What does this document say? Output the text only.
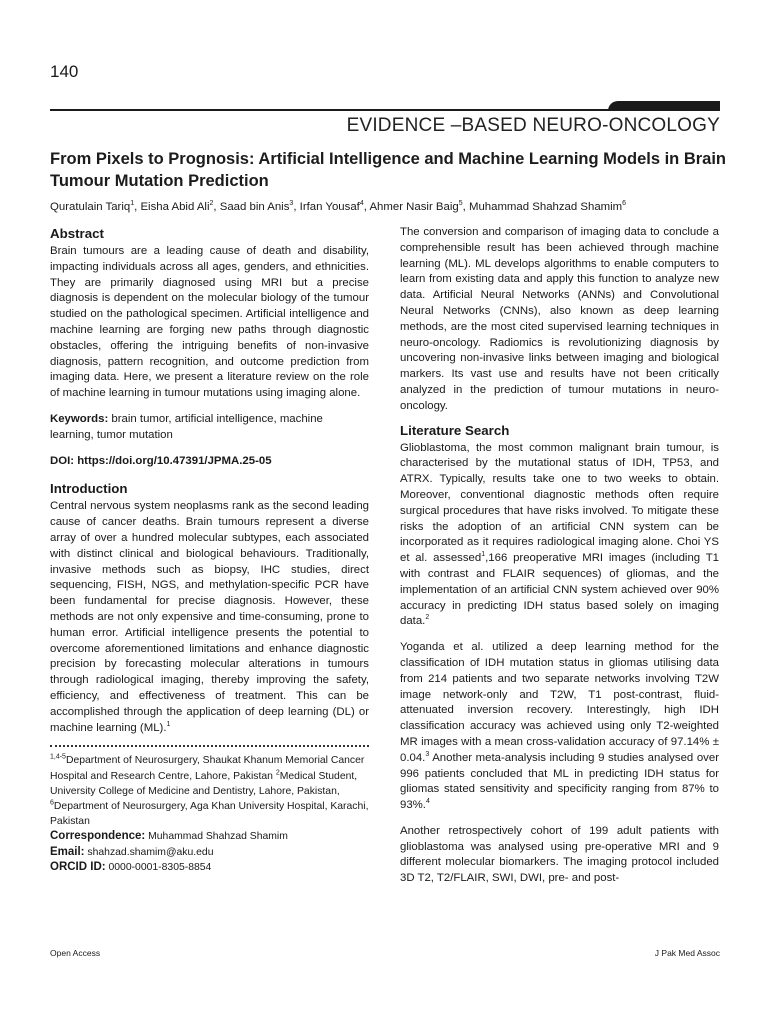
140
EVIDENCE –BASED NEURO-ONCOLOGY
From Pixels to Prognosis: Artificial Intelligence and Machine Learning Models in Brain Tumour Mutation Prediction
Quratulain Tariq$^1$, Eisha Abid Ali$^2$, Saad bin Anis$^3$, Irfan Yousaf$^4$, Ahmer Nasir Baig$^5$, Muhammad Shahzad Shamim$^6$
Abstract

Brain tumours are a leading cause of death and disability, impacting individuals across all ages, genders, and ethnicities. They are primarily diagnosed using MRI but a precise diagnosis is dependent on the molecular biology of the tumour studied on the pathological specimen. Artificial intelligence and machine learning are forging new paths through diagnostic obstacles, offering the intriguing benefits of non-invasive diagnosis, pattern recognition, and outcome prediction from imaging data. Here, we present a literature review on the role of machine learning in tumour mutations using imaging alone.

Keywords: brain tumor, artificial intelligence, machine learning, tumor mutation

DOI: https://doi.org/10.47391/JPMA.25-05

Introduction

Central nervous system neoplasms rank as the second leading cause of cancer deaths. Brain tumours represent a diverse array of over a hundred molecular subtypes, each associated with distinct clinical and biological behaviours. Traditionally, invasive methods such as biopsy, IHC studies, direct sequencing, FISH, NGS, and methylation-specific PCR have been fundamental for precise diagnosis. However, these methods are not only expensive and time-consuming, prone to human error. Artificial intelligence presents the potential to overcome aforementioned limitations and enhance diagnostic precision by forecasting molecular alterations in tumours through radiological imaging, thereby improving the safety, efficiency, and effectiveness of treatment. This can be accomplished through the application of deep learning (DL) or machine learning (ML).$^1$

$^{1,4-5}$Department of Neurosurgery, Shaukat Khanum Memorial Cancer Hospital and Research Centre, Lahore, Pakistan $^2$Medical Student, University College of Medicine and Dentistry, Lahore, Pakistan, $^6$Department of Neurosurgery, Aga Khan University Hospital, Karachi, Pakistan
Correspondence: Muhammad Shahzad Shamim
Email: shahzad.shamim@aku.edu
ORCID ID: 0000-0001-8305-8854

The conversion and comparison of imaging data to conclude a comprehensible result has been achieved through machine learning (ML). ML develops algorithms to enable computers to learn from existing data and apply this function to analyze new data. Artificial Neural Networks (ANNs) and Convolutional Neural Networks (CNNs), also known as deep learning methods, are the most cited supervised learning techniques in neuro-oncology. Radiomics is revolutionizing diagnosis by uncovering non-invasive links between imaging and biological markers. Its vast use and results have not been critically analyzed in the prediction of tumour mutations in neuro-oncology.

Literature Search

Glioblastoma, the most common malignant brain tumour, is characterised by the mutational status of IDH, TP53, and ATRX. Typically, results take one to two weeks to obtain. Moreover, conventional diagnostic methods often require surgical procedures that have risks involved. To mitigate these risks the adoption of an artificial CNN system can be incorporated as it requires radiological imaging alone. Choi YS et al. assessed$^1$,166 preoperative MRI images (including T1 with contrast and FLAIR sequences) of gliomas, and the implementation of an artificial CNN system achieved over 90% accuracy in predicting IDH status based solely on imaging data.$^2$

Yoganda et al. utilized a deep learning method for the classification of IDH mutation status in gliomas utilising data from 214 patients and two separate networks involving T2W image network-only and T2W, T1 post-contrast, fluid-attenuated inversion recovery. Interestingly, high IDH classification accuracy was achieved using only T2-weighted MR images with a mean cross-validation accuracy of 97.14% ± 0.04.$^3$ Another meta-analysis including 9 studies analysed over 996 patients concluded that ML in predicting IDH status for gliomas stated sensitivity and specificity ranging from 87% to 93%.$^4$

Another retrospectively cohort of 199 adult patients with glioblastoma was analysed using pre-operative MRI and 9 different molecular biomarkers. The imaging protocol included 3D T2, T2/FLAIR, SWI, DWI, pre- and post-

Open Access	J Pak Med Assoc
